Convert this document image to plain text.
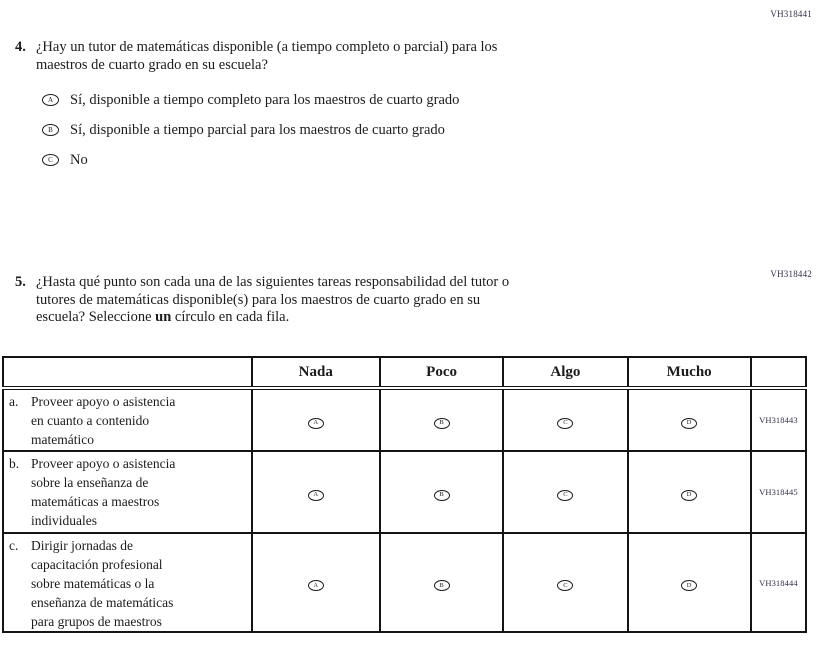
VH318441
VH318442
4. ¿Hay un tutor de matemáticas disponible (a tiempo completo o parcial) para los
maestros de cuarto grado en su escuela?
A	Sí, disponible a tiempo completo para los maestros de cuarto grado
B	Sí, disponible a tiempo parcial para los maestros de cuarto grado
C	No
5. ¿Hasta qué punto son cada una de las siguientes tareas responsabilidad del tutor o
tutores de matemáticas disponible(s) para los maestros de cuarto grado en su
escuela? Seleccione un círculo en cada fila.
	Nada	Poco	Algo	Mucho	

a. Proveer apoyo o asistencia
en cuanto a contenido
matemático	A	B	C	D	VH318443

b. Proveer apoyo o asistencia
sobre la enseñanza de
matemáticas a maestros
individuales	A	B	C	D	VH318445

c. Dirigir jornadas de
capacitación profesional
sobre matemáticas o la
enseñanza de matemáticas
para grupos de maestros
	A	B	C	D	VH318444
